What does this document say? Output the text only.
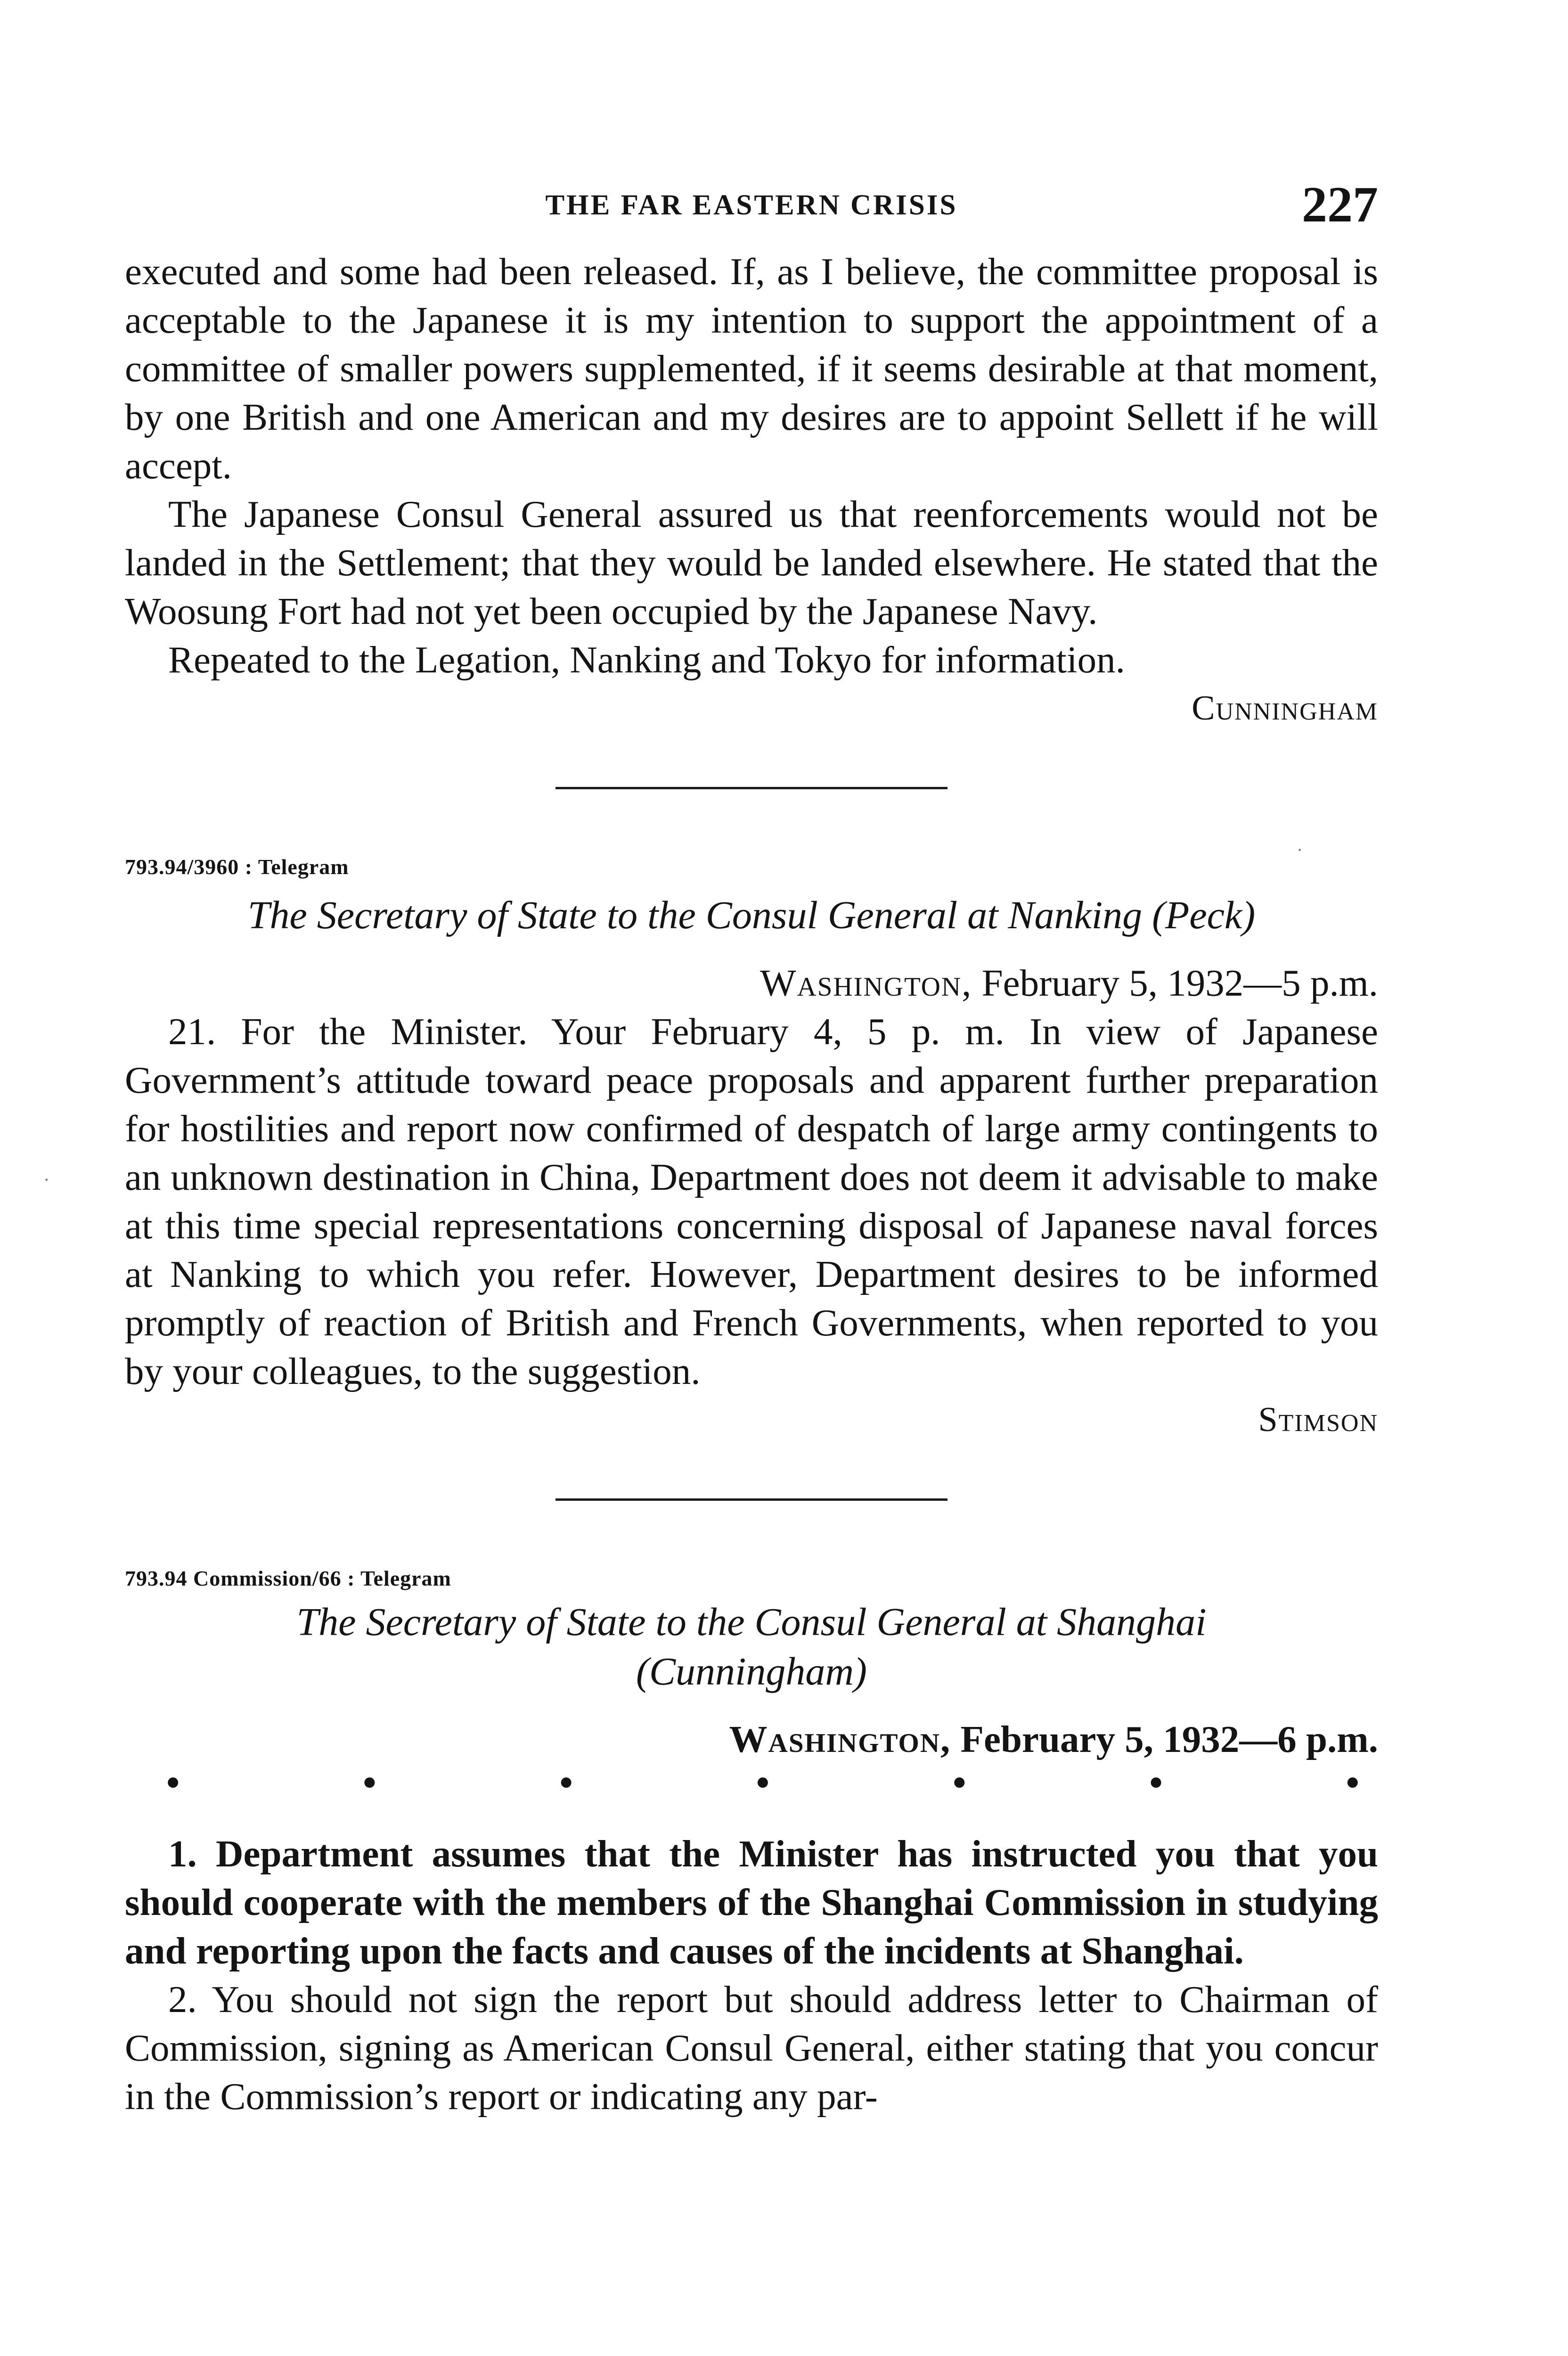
THE FAR EASTERN CRISIS	227

executed and some had been released. If, as I believe, the committee proposal is acceptable to the Japanese it is my intention to support the appointment of a committee of smaller powers supplemented, if it seems desirable at that moment, by one British and one American and my desires are to appoint Sellett if he will accept.

The Japanese Consul General assured us that reenforcements would not be landed in the Settlement; that they would be landed elsewhere. He stated that the Woosung Fort had not yet been occupied by the Japanese Navy.

Repeated to the Legation, Nanking and Tokyo for information.

Cunningham
793.94/3960 : Telegram
The Secretary of State to the Consul General at Nanking (Peck)
Washington, February 5, 1932—5 p.m.

21. For the Minister. Your February 4, 5 p. m. In view of Japanese Government’s attitude toward peace proposals and apparent further preparation for hostilities and report now confirmed of despatch of large army contingents to an unknown destination in China, Department does not deem it advisable to make at this time special representations concerning disposal of Japanese naval forces at Nanking to which you refer. However, Department desires to be informed promptly of reaction of British and French Governments, when reported to you by your colleagues, to the suggestion.

Stimson
793.94 Commission/66 : Telegram
The Secretary of State to the Consul General at Shanghai
(Cunningham)
Washington, February 5, 1932—6 p.m.
•	•	•	•	•	•	•

1. Department assumes that the Minister has instructed you that you should cooperate with the members of the Shanghai Commission in studying and reporting upon the facts and causes of the incidents at Shanghai.

2. You should not sign the report but should address letter to Chairman of Commission, signing as American Consul General, either stating that you concur in the Commission’s report or indicating any par-

·
·
